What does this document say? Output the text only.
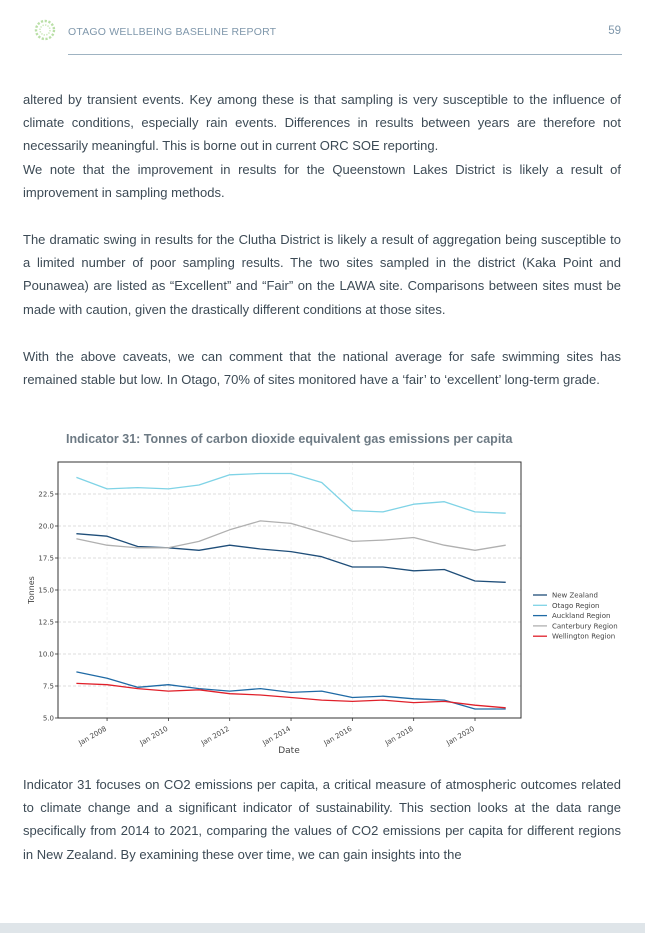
OTAGO WELLBEING BASELINE REPORT	59

altered by transient events. Key among these is that sampling is very susceptible to the influence of climate conditions, especially rain events. Differences in results between years are therefore not necessarily meaningful. This is borne out in current ORC SOE reporting.
We note that the improvement in results for the Queenstown Lakes District is likely a result of improvement in sampling methods.

The dramatic swing in results for the Clutha District is likely a result of aggregation being susceptible to a limited number of poor sampling results. The two sites sampled in the district (Kaka Point and Pounawea) are listed as “Excellent” and “Fair” on the LAWA site. Comparisons between sites must be made with caution, given the drastically different conditions at those sites.

With the above caveats, we can comment that the national average for safe swimming sites has remained stable but low. In Otago, 70% of sites monitored have a ‘fair’ to ‘excellent’ long-term grade.

Indicator 31: Tonnes of carbon dioxide equivalent gas emissions per capita
5.0
7.5
10.0
12.5
15.0
17.5
20.0
22.5
Jan 2008	Jan 2010	Jan 2012	Jan 2014	Jan 2016	Jan 2018	Jan 2020
Date
Tonnes	New Zealand
Otago Region
Auckland Region
Canterbury Region
Wellington Region

Indicator 31 focuses on CO2 emissions per capita, a critical measure of atmospheric outcomes related to climate change and a significant indicator of sustainability. This section looks at the data range specifically from 2014 to 2021, comparing the values of CO2 emissions per capita for different regions in New Zealand. By examining these over time, we can gain insights into the
